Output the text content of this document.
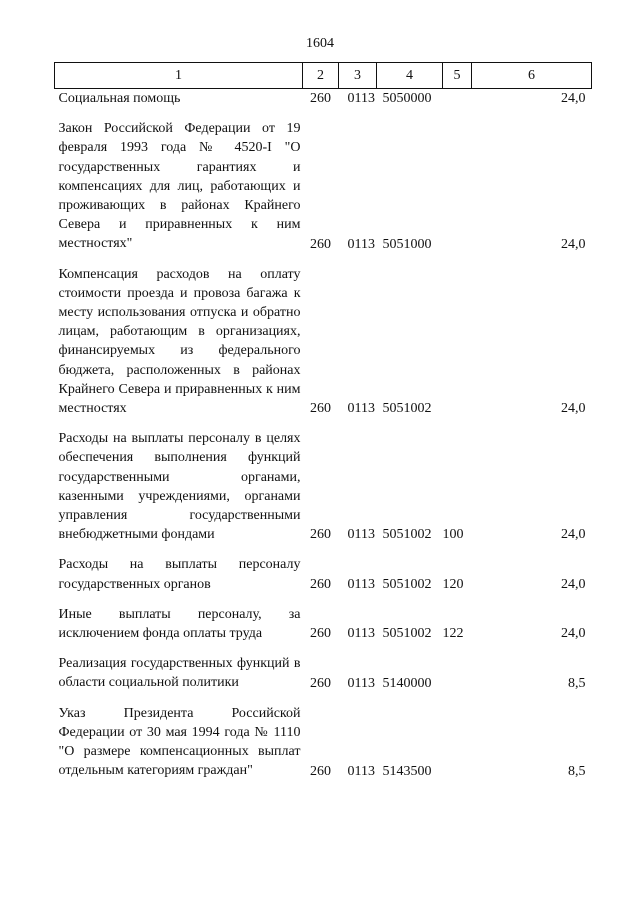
1604
1	2	3	4	5	6
Социальная помощь	260	0113	5050000		24,0

Закон Российской Федерации от 19 февраля 1993 года № 4520-I "О государственных гарантиях и компенсациях для лиц, работающих и проживающих в районах Крайнего Севера и приравненных к ним местностях"	260	0113	5051000		24,0

Компенсация расходов на оплату стоимости проезда и провоза багажа к месту использования отпуска и обратно лицам, работающим в организациях, финансируемых из федерального бюджета, расположенных в районах Крайнего Севера и приравненных к ним местностях	260	0113	5051002		24,0

Расходы на выплаты персоналу в целях обеспечения выполнения функций государственными органами, казенными учреждениями, органами управления государственными внебюджетными фондами	260	0113	5051002	100	24,0

Расходы на выплаты персоналу государственных органов	260	0113	5051002	120	24,0

Иные выплаты персоналу, за исключением фонда оплаты труда	260	0113	5051002	122	24,0

Реализация государственных функций в области социальной политики	260	0113	5140000		8,5

Указ Президента Российской Федерации от 30 мая 1994 года № 1110 "О размере компенсационных выплат отдельным категориям граждан"	260	0113	5143500		8,5
